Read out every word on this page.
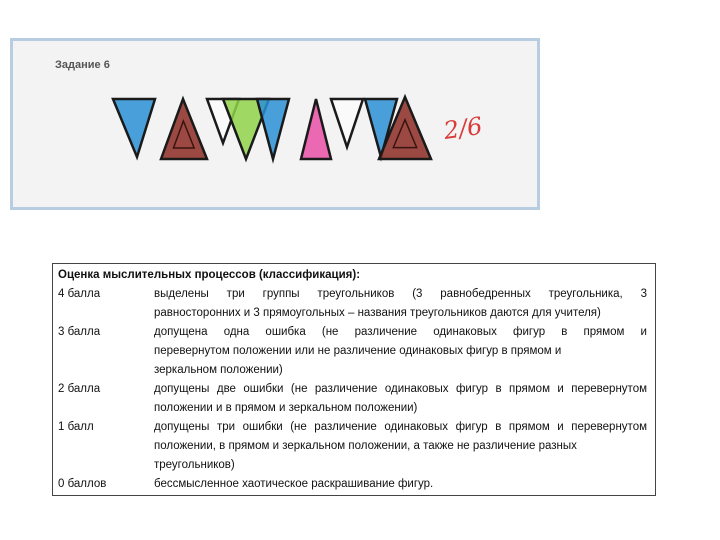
Задание 6
2/6
Оценка мыслительных процессов (классификация):
4 балла	выделены три группы треугольников (3 равнобедренных треугольника, 3
равносторонних и 3 прямоугольных – названия треугольников даются для учителя)
3 балла	допущена одна ошибка (не различение одинаковых фигур в прямом и
перевернутом положении или не различение одинаковых фигур в прямом и
зеркальном положении)
2 балла	допущены две ошибки (не различение одинаковых фигур в прямом и перевернутом
положении и в прямом и зеркальном положении)
1 балл	допущены три ошибки (не различение одинаковых фигур в прямом и перевернутом
положении, в прямом и зеркальном положении, а также не различение разных
треугольников)
0 баллов	бессмысленное хаотическое раскрашивание фигур.
